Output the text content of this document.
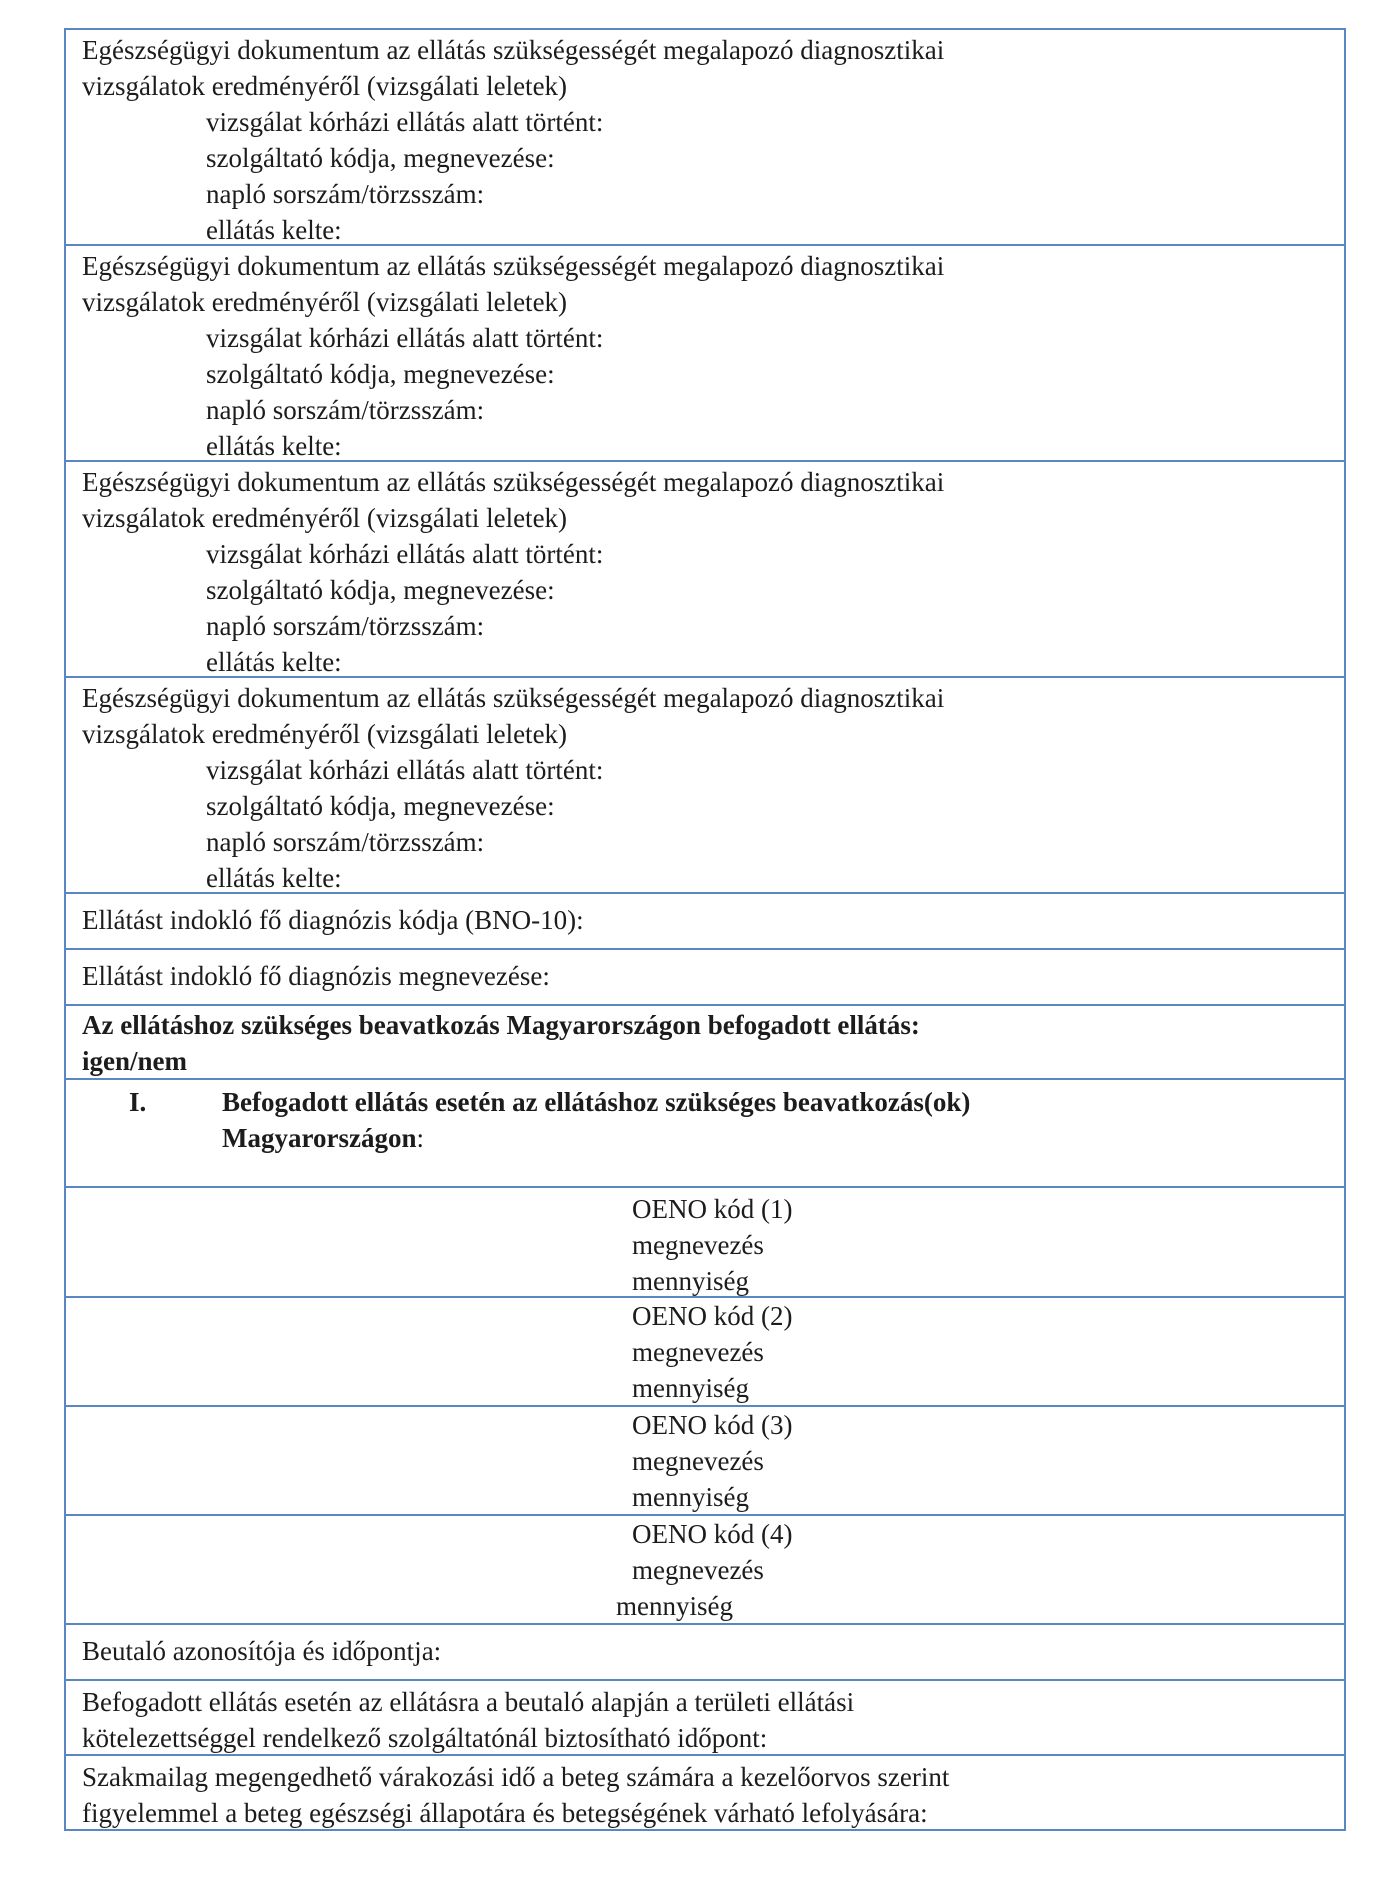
Egészségügyi dokumentum az ellátás szükségességét megalapozó diagnosztikai
vizsgálatok eredményéről (vizsgálati leletek)
vizsgálat kórházi ellátás alatt történt:
szolgáltató kódja, megnevezése:
napló sorszám/törzsszám:
ellátás kelte:
Egészségügyi dokumentum az ellátás szükségességét megalapozó diagnosztikai
vizsgálatok eredményéről (vizsgálati leletek)
vizsgálat kórházi ellátás alatt történt:
szolgáltató kódja, megnevezése:
napló sorszám/törzsszám:
ellátás kelte:
Egészségügyi dokumentum az ellátás szükségességét megalapozó diagnosztikai
vizsgálatok eredményéről (vizsgálati leletek)
vizsgálat kórházi ellátás alatt történt:
szolgáltató kódja, megnevezése:
napló sorszám/törzsszám:
ellátás kelte:
Egészségügyi dokumentum az ellátás szükségességét megalapozó diagnosztikai
vizsgálatok eredményéről (vizsgálati leletek)
vizsgálat kórházi ellátás alatt történt:
szolgáltató kódja, megnevezése:
napló sorszám/törzsszám:
ellátás kelte:
Ellátást indokló fő diagnózis kódja (BNO-10):
Ellátást indokló fő diagnózis megnevezése:
Az ellátáshoz szükséges beavatkozás Magyarországon befogadott ellátás:
igen/nem
I.	Befogadott ellátás esetén az ellátáshoz szükséges beavatkozás(ok)
Magyarországon:
OENO kód (1)
megnevezés
mennyiség
OENO kód (2)
megnevezés
mennyiség
OENO kód (3)
megnevezés
mennyiség
OENO kód (4)
megnevezés
mennyiség
Beutaló azonosítója és időpontja:
Befogadott ellátás esetén az ellátásra a beutaló alapján a területi ellátási
kötelezettséggel rendelkező szolgáltatónál biztosítható időpont:
Szakmailag megengedhető várakozási idő a beteg számára a kezelőorvos szerint
figyelemmel a beteg egészségi állapotára és betegségének várható lefolyására:
